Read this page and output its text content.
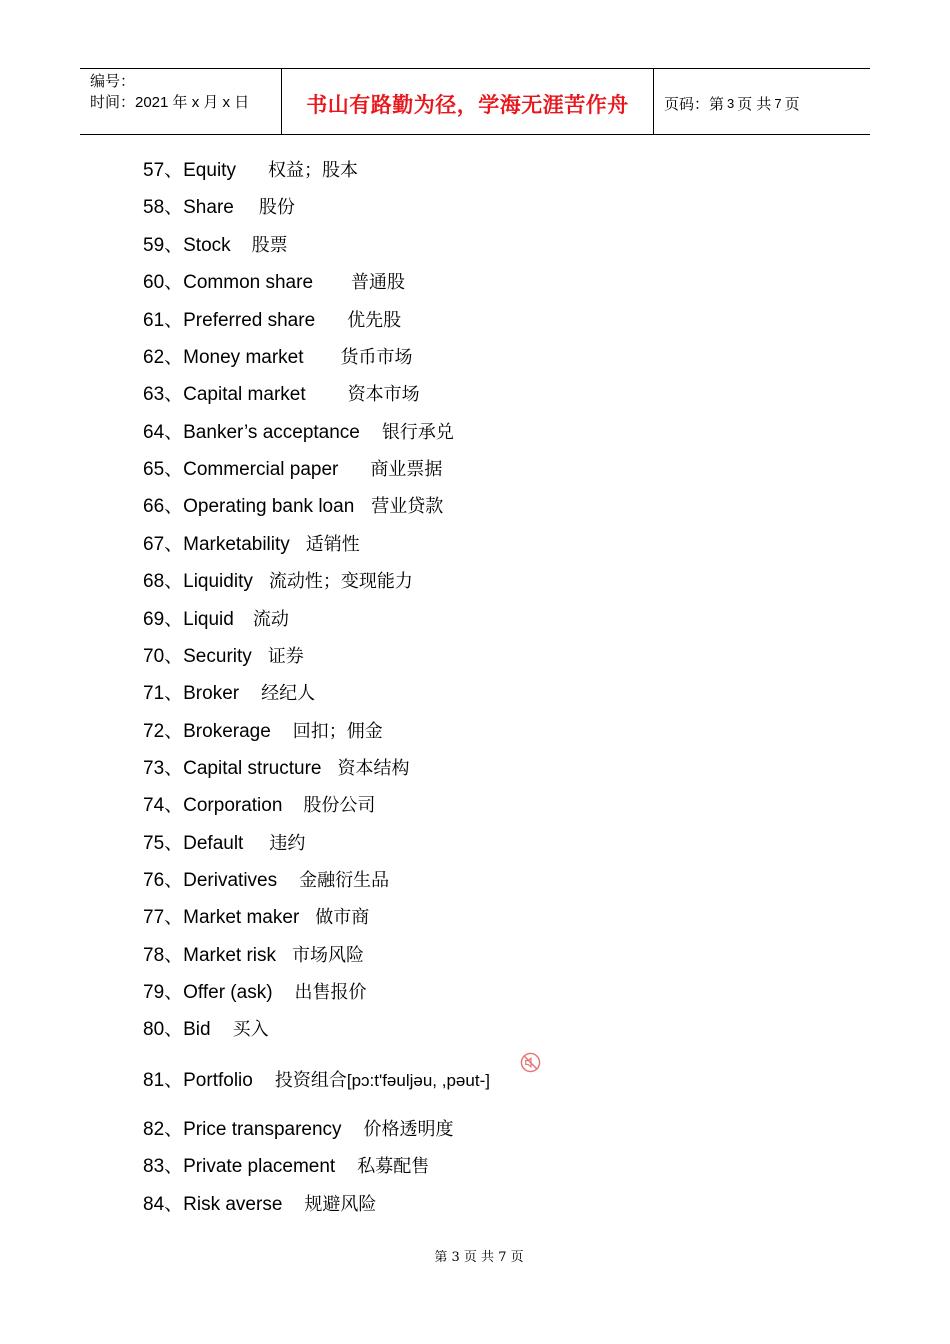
编号：
时间：2021 年 x 月 x 日	书山有路勤为径，学海无涯苦作舟 页码：第 3 页 共 7 页
57、Equity 权益；股本
58、Share 股份
59、Stock 股票
60、Common share 普通股
61、Preferred share 优先股
62、Money market 货币市场
63、Capital market 资本市场
64、Banker’s acceptance 银行承兑
65、Commercial paper 商业票据
66、Operating bank loan 营业贷款
67、Marketability 适销性
68、Liquidity 流动性；变现能力
69、Liquid 流动
70、Security 证券
71、Broker 经纪人
72、Brokerage 回扣；佣金
73、Capital structure 资本结构
74、Corporation 股份公司
75、Default 违约
76、Derivatives 金融衍生品
77、Market maker 做市商
78、Market risk 市场风险
79、Offer (ask) 出售报价
80、Bid 买入
81、Portfolio 投资组合[pɔ:t'fəuljəu, ,pəut-]
82、Price transparency 价格透明度
83、Private placement 私募配售
84、Risk averse 规避风险
第 3 页 共 7 页
